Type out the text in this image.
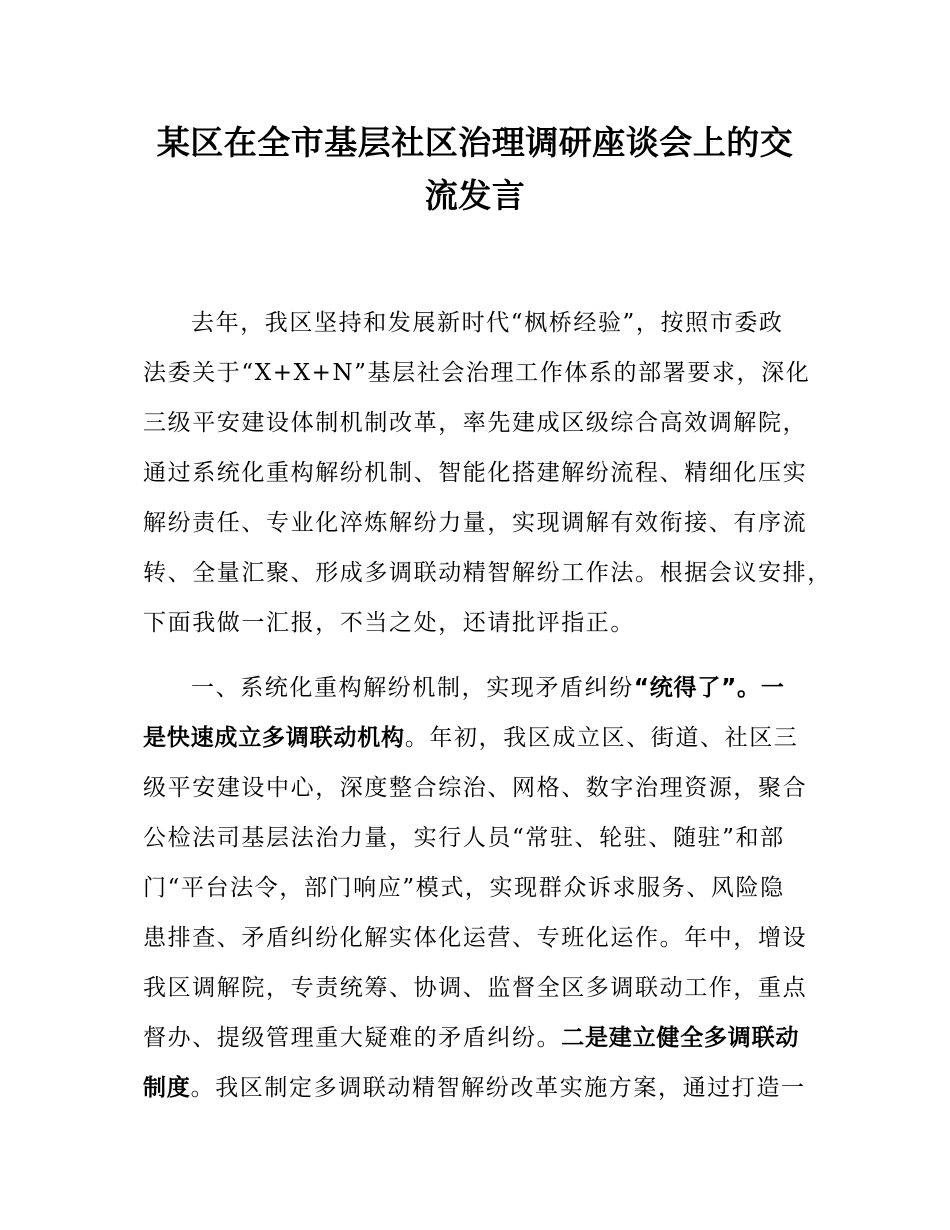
某区在全市基层社区治理调研座谈会上的交
流发言

去年，我区坚持和发展新时代“枫桥经验”，按照市委政

法委关于“X+X+N”基层社会治理工作体系的部署要求，深化

三级平安建设体制机制改革，率先建成区级综合高效调解院，

通过系统化重构解纷机制、智能化搭建解纷流程、精细化压实

解纷责任、专业化淬炼解纷力量，实现调解有效衔接、有序流

转、全量汇聚、形成多调联动精智解纷工作法。根据会议安排，

下面我做一汇报，不当之处，还请批评指正。

一、系统化重构解纷机制，实现矛盾纠纷“统得了”。一

是快速成立多调联动机构。年初，我区成立区、街道、社区三

级平安建设中心，深度整合综治、网格、数字治理资源，聚合

公检法司基层法治力量，实行人员“常驻、轮驻、随驻”和部

门“平台法令，部门响应”模式，实现群众诉求服务、风险隐

患排查、矛盾纠纷化解实体化运营、专班化运作。年中，增设

我区调解院，专责统筹、协调、监督全区多调联动工作，重点

督办、提级管理重大疑难的矛盾纠纷。二是建立健全多调联动

制度。我区制定多调联动精智解纷改革实施方案，通过打造一
